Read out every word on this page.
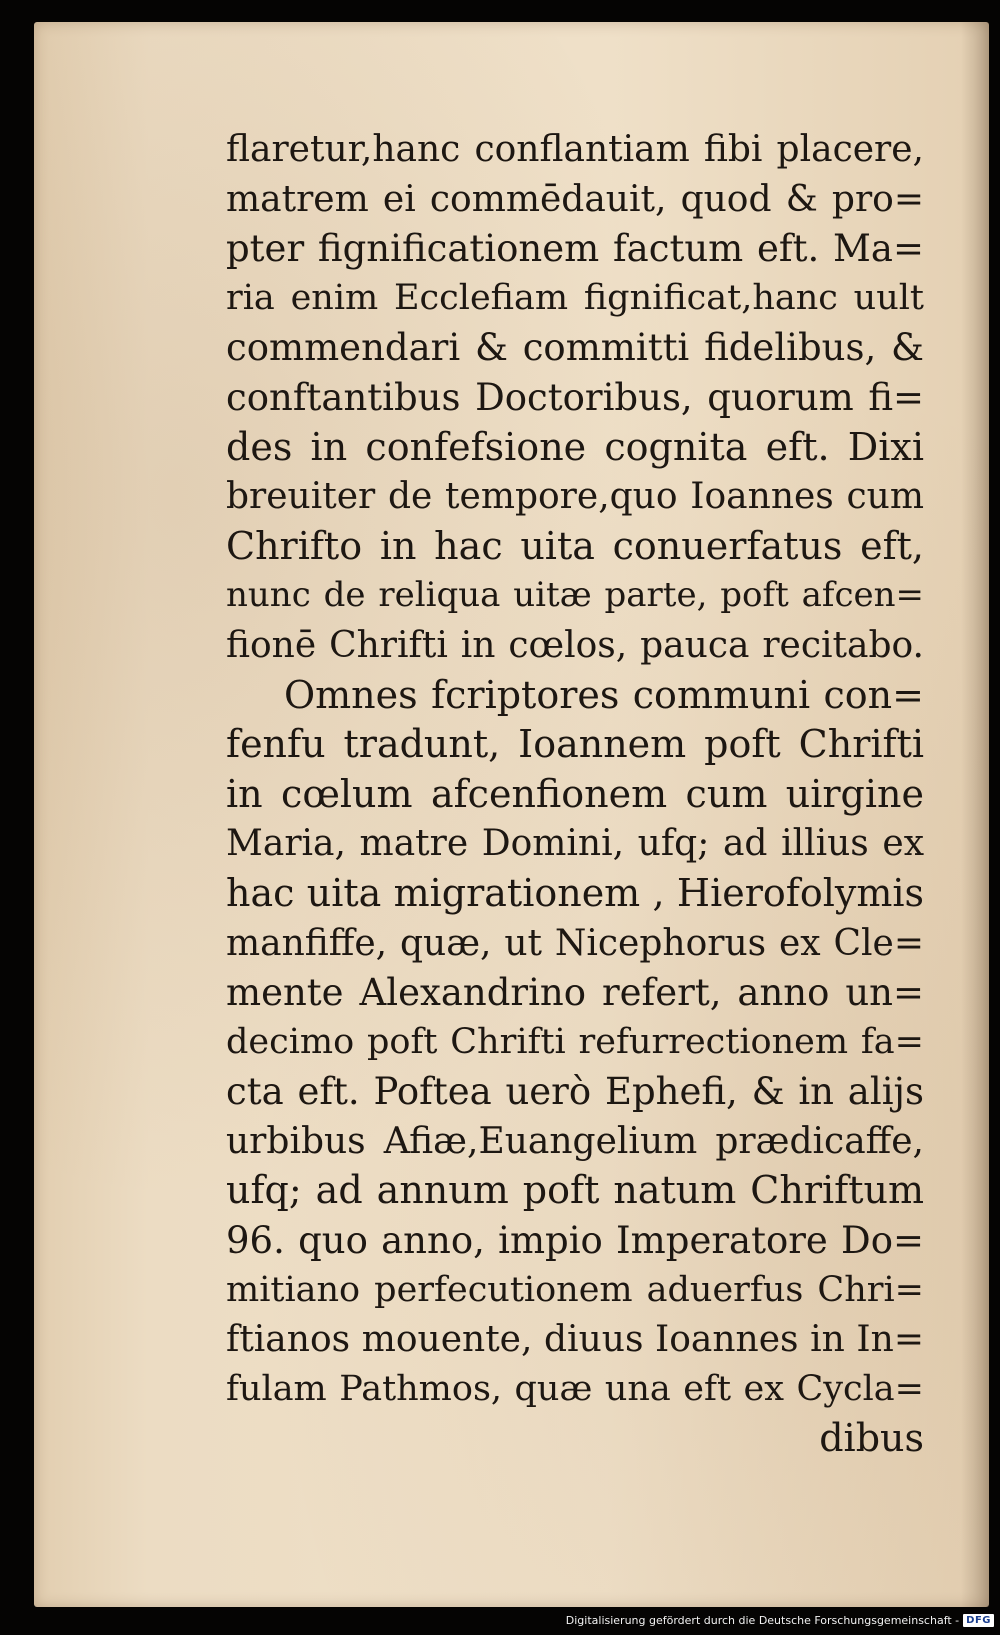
flaretur,hanc conflantiam fibi placere,
matrem ei commēdauit, quod & pro=
pter fignificationem factum eft. Ma=
ria enim Ecclefiam fignificat,hanc uult
commendari & committi fidelibus, &
conftantibus Doctoribus, quorum fi=
des in confefsione cognita eft. Dixi
breuiter de tempore,quo Ioannes cum
Chrifto in hac uita conuerfatus eft,
nunc de reliqua uitæ parte, poft afcen=
fionē Chrifti in cœlos, pauca recitabo.
Omnes fcriptores communi con=
fenfu tradunt, Ioannem poft Chrifti
in cœlum afcenfionem cum uirgine
Maria, matre Domini, ufq; ad illius ex
hac uita migrationem , Hierofolymis
manfiffe, quæ, ut Nicephorus ex Cle=
mente Alexandrino refert, anno un=
decimo poft Chrifti refurrectionem fa=
cta eft. Poftea uerò Ephefi, & in alijs
urbibus Afiæ,Euangelium prædicaffe,
ufq; ad annum poft natum Chriftum
96. quo anno, impio Imperatore Do=
mitiano perfecutionem aduerfus Chri=
ftianos mouente, diuus Ioannes in In=
fulam Pathmos, quæ una eft ex Cycla=
dibus
Digitalisierung gefördert durch die Deutsche Forschungsgemeinschaft - DFG
